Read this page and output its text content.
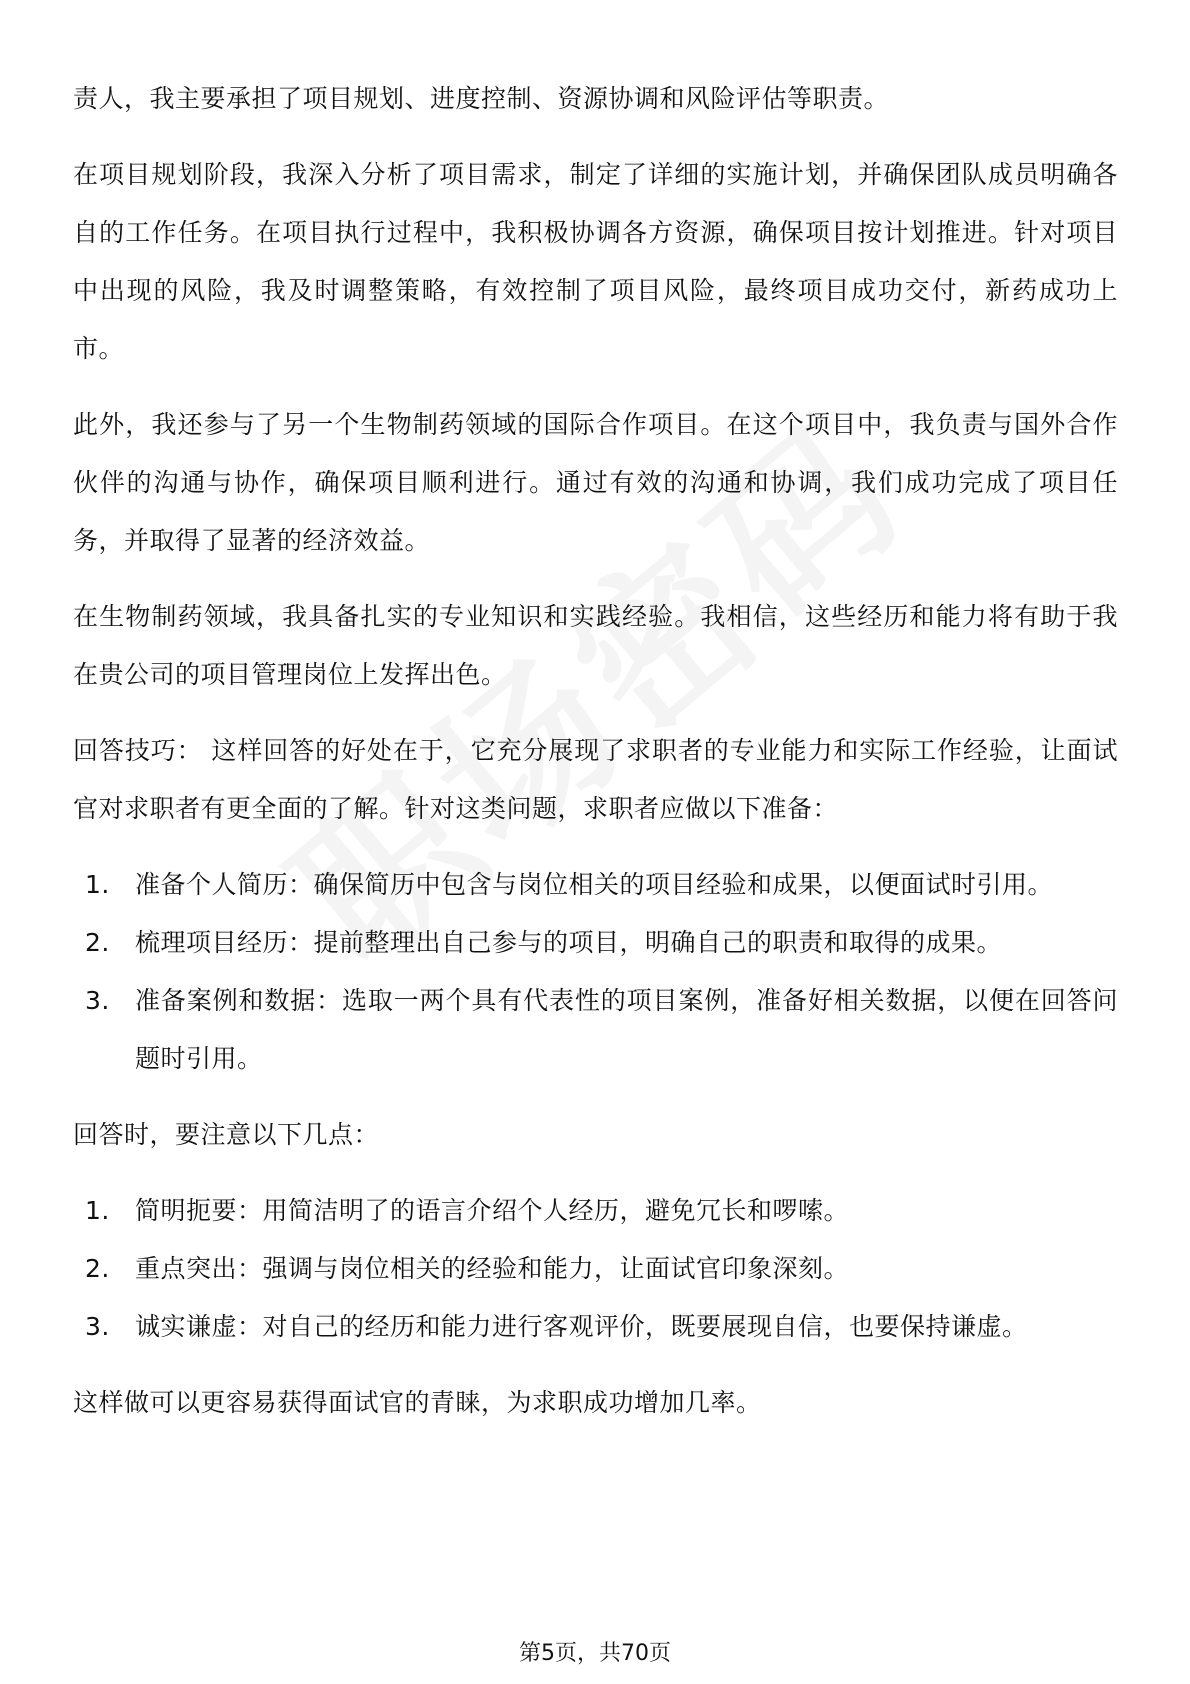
责人，我主要承担了项目规划、进度控制、资源协调和风险评估等职责。

在项目规划阶段，我深入分析了项目需求，制定了详细的实施计划，并确保团队成员明确各自的工作任务。在项目执行过程中，我积极协调各方资源，确保项目按计划推进。针对项目中出现的风险，我及时调整策略，有效控制了项目风险，最终项目成功交付，新药成功上市。

此外，我还参与了另一个生物制药领域的国际合作项目。在这个项目中，我负责与国外合作伙伴的沟通与协作，确保项目顺利进行。通过有效的沟通和协调，我们成功完成了项目任务，并取得了显著的经济效益。

在生物制药领域，我具备扎实的专业知识和实践经验。我相信，这些经历和能力将有助于我在贵公司的项目管理岗位上发挥出色。

回答技巧： 这样回答的好处在于，它充分展现了求职者的专业能力和实际工作经验，让面试官对求职者有更全面的了解。针对这类问题，求职者应做以下准备：

1.	准备个人简历：确保简历中包含与岗位相关的项目经验和成果，以便面试时引用。
2.	梳理项目经历：提前整理出自己参与的项目，明确自己的职责和取得的成果。
3.	准备案例和数据：选取一两个具有代表性的项目案例，准备好相关数据，以便在回答问题时引用。

回答时，要注意以下几点：

1.	简明扼要：用简洁明了的语言介绍个人经历，避免冗长和啰嗦。
2.	重点突出：强调与岗位相关的经验和能力，让面试官印象深刻。
3.	诚实谦虚：对自己的经历和能力进行客观评价，既要展现自信，也要保持谦虚。

这样做可以更容易获得面试官的青睐，为求职成功增加几率。

第5页，共70页
